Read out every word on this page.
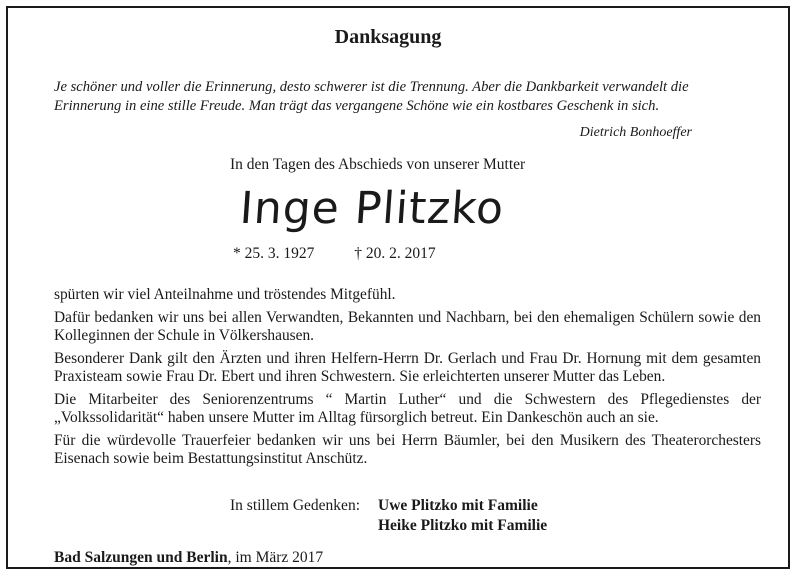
Danksagung
Je schöner und voller die Erinnerung, desto schwerer ist die Trennung. Aber die Dankbarkeit verwandelt die Erinnerung in eine stille Freude. Man trägt das vergangene Schöne wie ein kostbares Geschenk in sich.
Dietrich Bonhoeffer
In den Tagen des Abschieds von unserer Mutter
Inge Plitzko
* 25. 3. 1927	† 20. 2. 2017

spürten wir viel Anteilnahme und tröstendes Mitgefühl.

Dafür bedanken wir uns bei allen Verwandten, Bekannten und Nachbarn, bei den ehemaligen Schülern sowie den Kolleginnen der Schule in Völkershausen.

Besonderer Dank gilt den Ärzten und ihren Helfern-Herrn Dr. Gerlach und Frau Dr. Hornung mit dem gesamten Praxisteam sowie Frau Dr. Ebert und ihren Schwestern. Sie erleichterten unserer Mutter das Leben.

Die Mitarbeiter des Seniorenzentrums “ Martin Luther“ und die Schwestern des Pflegedienstes der „Volkssolidarität“ haben unsere Mutter im Alltag fürsorglich betreut. Ein Dankeschön auch an sie.

Für die würdevolle Trauerfeier bedanken wir uns bei Herrn Bäumler, bei den Musikern des Theaterorchesters Eisenach sowie beim Bestattungsinstitut Anschütz.

In stillem Gedenken: Uwe Plitzko mit Familie
Heike Plitzko mit Familie
Bad Salzungen und Berlin, im März 2017
